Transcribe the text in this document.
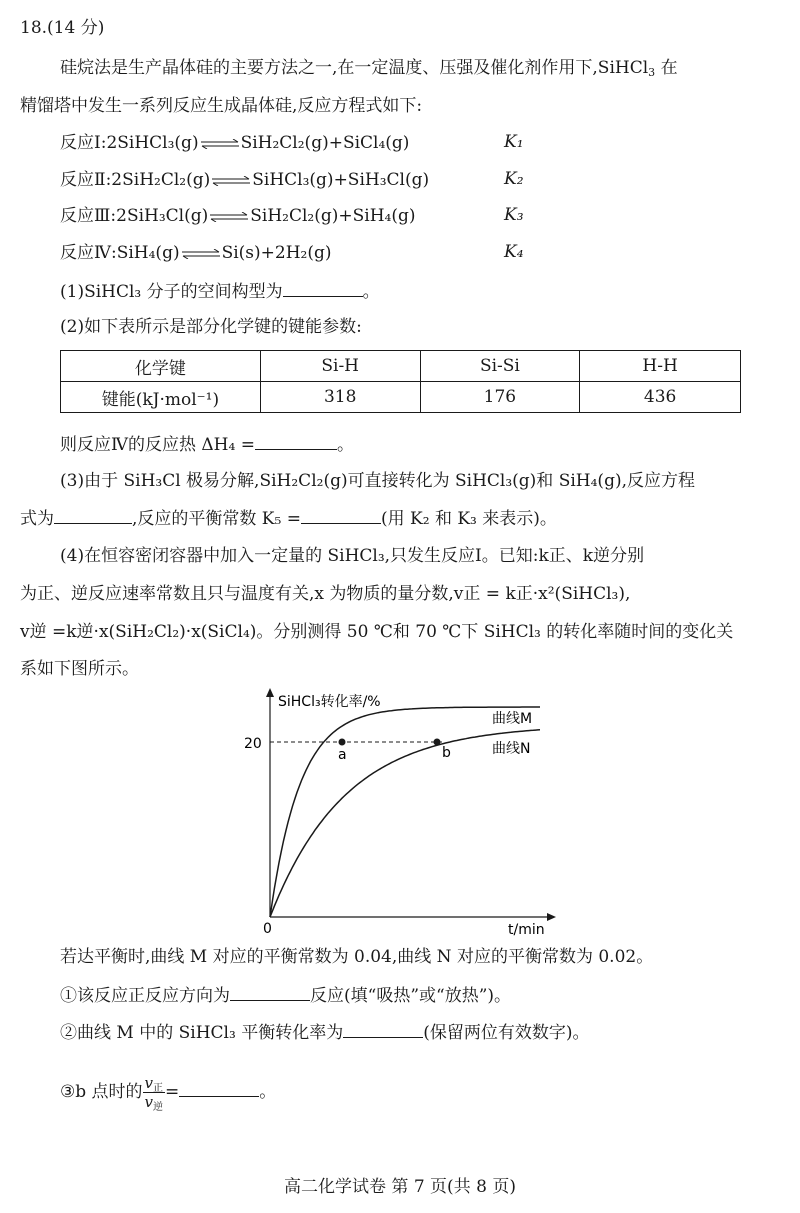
18.(14 分)
硅烷法是生产晶体硅的主要方法之一,在一定温度、压强及催化剂作用下,SiHCl$_3$ 在
精馏塔中发生一系列反应生成晶体硅,反应方程式如下:
反应Ⅰ:2SiHCl₃(g)⇌SiH₂Cl₂(g)+SiCl₄(g)	K₁
反应Ⅱ:2SiH₂Cl₂(g)⇌SiHCl₃(g)+SiH₃Cl(g)	K₂
反应Ⅲ:2SiH₃Cl(g)⇌SiH₂Cl₂(g)+SiH₄(g)	K₃
反应Ⅳ:SiH₄(g)⇌Si(s)+2H₂(g)	K₄
(1)SiHCl₃ 分子的空间构型为	。
(2)如下表所示是部分化学键的键能参数:
化学键	Si-H	Si-Si	H-H
键能(kJ·mol⁻¹)	318	176	436
则反应Ⅳ的反应热 ΔH₄ =	。
(3)由于 SiH₃Cl 极易分解,SiH₂Cl₂(g)可直接转化为 SiHCl₃(g)和 SiH₄(g),反应方程
式为	,反应的平衡常数 K₅ =	(用 K₂ 和 K₃ 来表示)。
(4)在恒容密闭容器中加入一定量的 SiHCl₃,只发生反应Ⅰ。已知:k正、k逆分别
为正、逆反应速率常数且只与温度有关,x 为物质的量分数,v正 = k正·x²(SiHCl₃),
v逆 =k逆·x(SiH₂Cl₂)·x(SiCl₄)。分别测得 50 ℃和 70 ℃下 SiHCl₃ 的转化率随时间的变化关
系如下图所示。
SiHCl₃转化率/%
t/min
0
20
曲线M
曲线N
a	b
若达平衡时,曲线 M 对应的平衡常数为 0.04,曲线 N 对应的平衡常数为 0.02。
①该反应正反应方向为	反应(填“吸热”或“放热”)。
②曲线 M 中的 SiHCl₃ 平衡转化率为	(保留两位有效数字)。
③b 点时的 $\frac{v_正}{v_逆}$ =	。
高二化学试卷 第 7 页(共 8 页)
